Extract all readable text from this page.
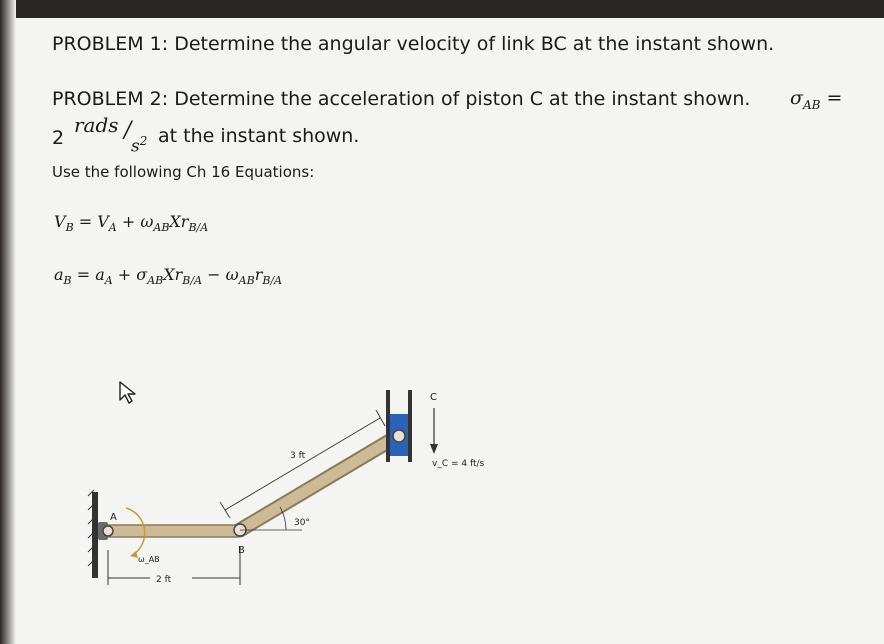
PROBLEM 1: Determine the angular velocity of link BC at the instant shown.
PROBLEM 2: Determine the acceleration of piston C at the instant shown. $\sigma_{AB}$ =
2
rads /
$s^2$ at the instant shown.
Use the following Ch 16 Equations:
$V_B = V_A + \omega_{AB}Xr_{B/A}$
$a_B = a_A + \sigma_{AB}Xr_{B/A} - \omega_{AB}r_{B/A}$
A
B
C
ω_AB
2 ft
3 ft
30°
v_C = 4 ft/s
